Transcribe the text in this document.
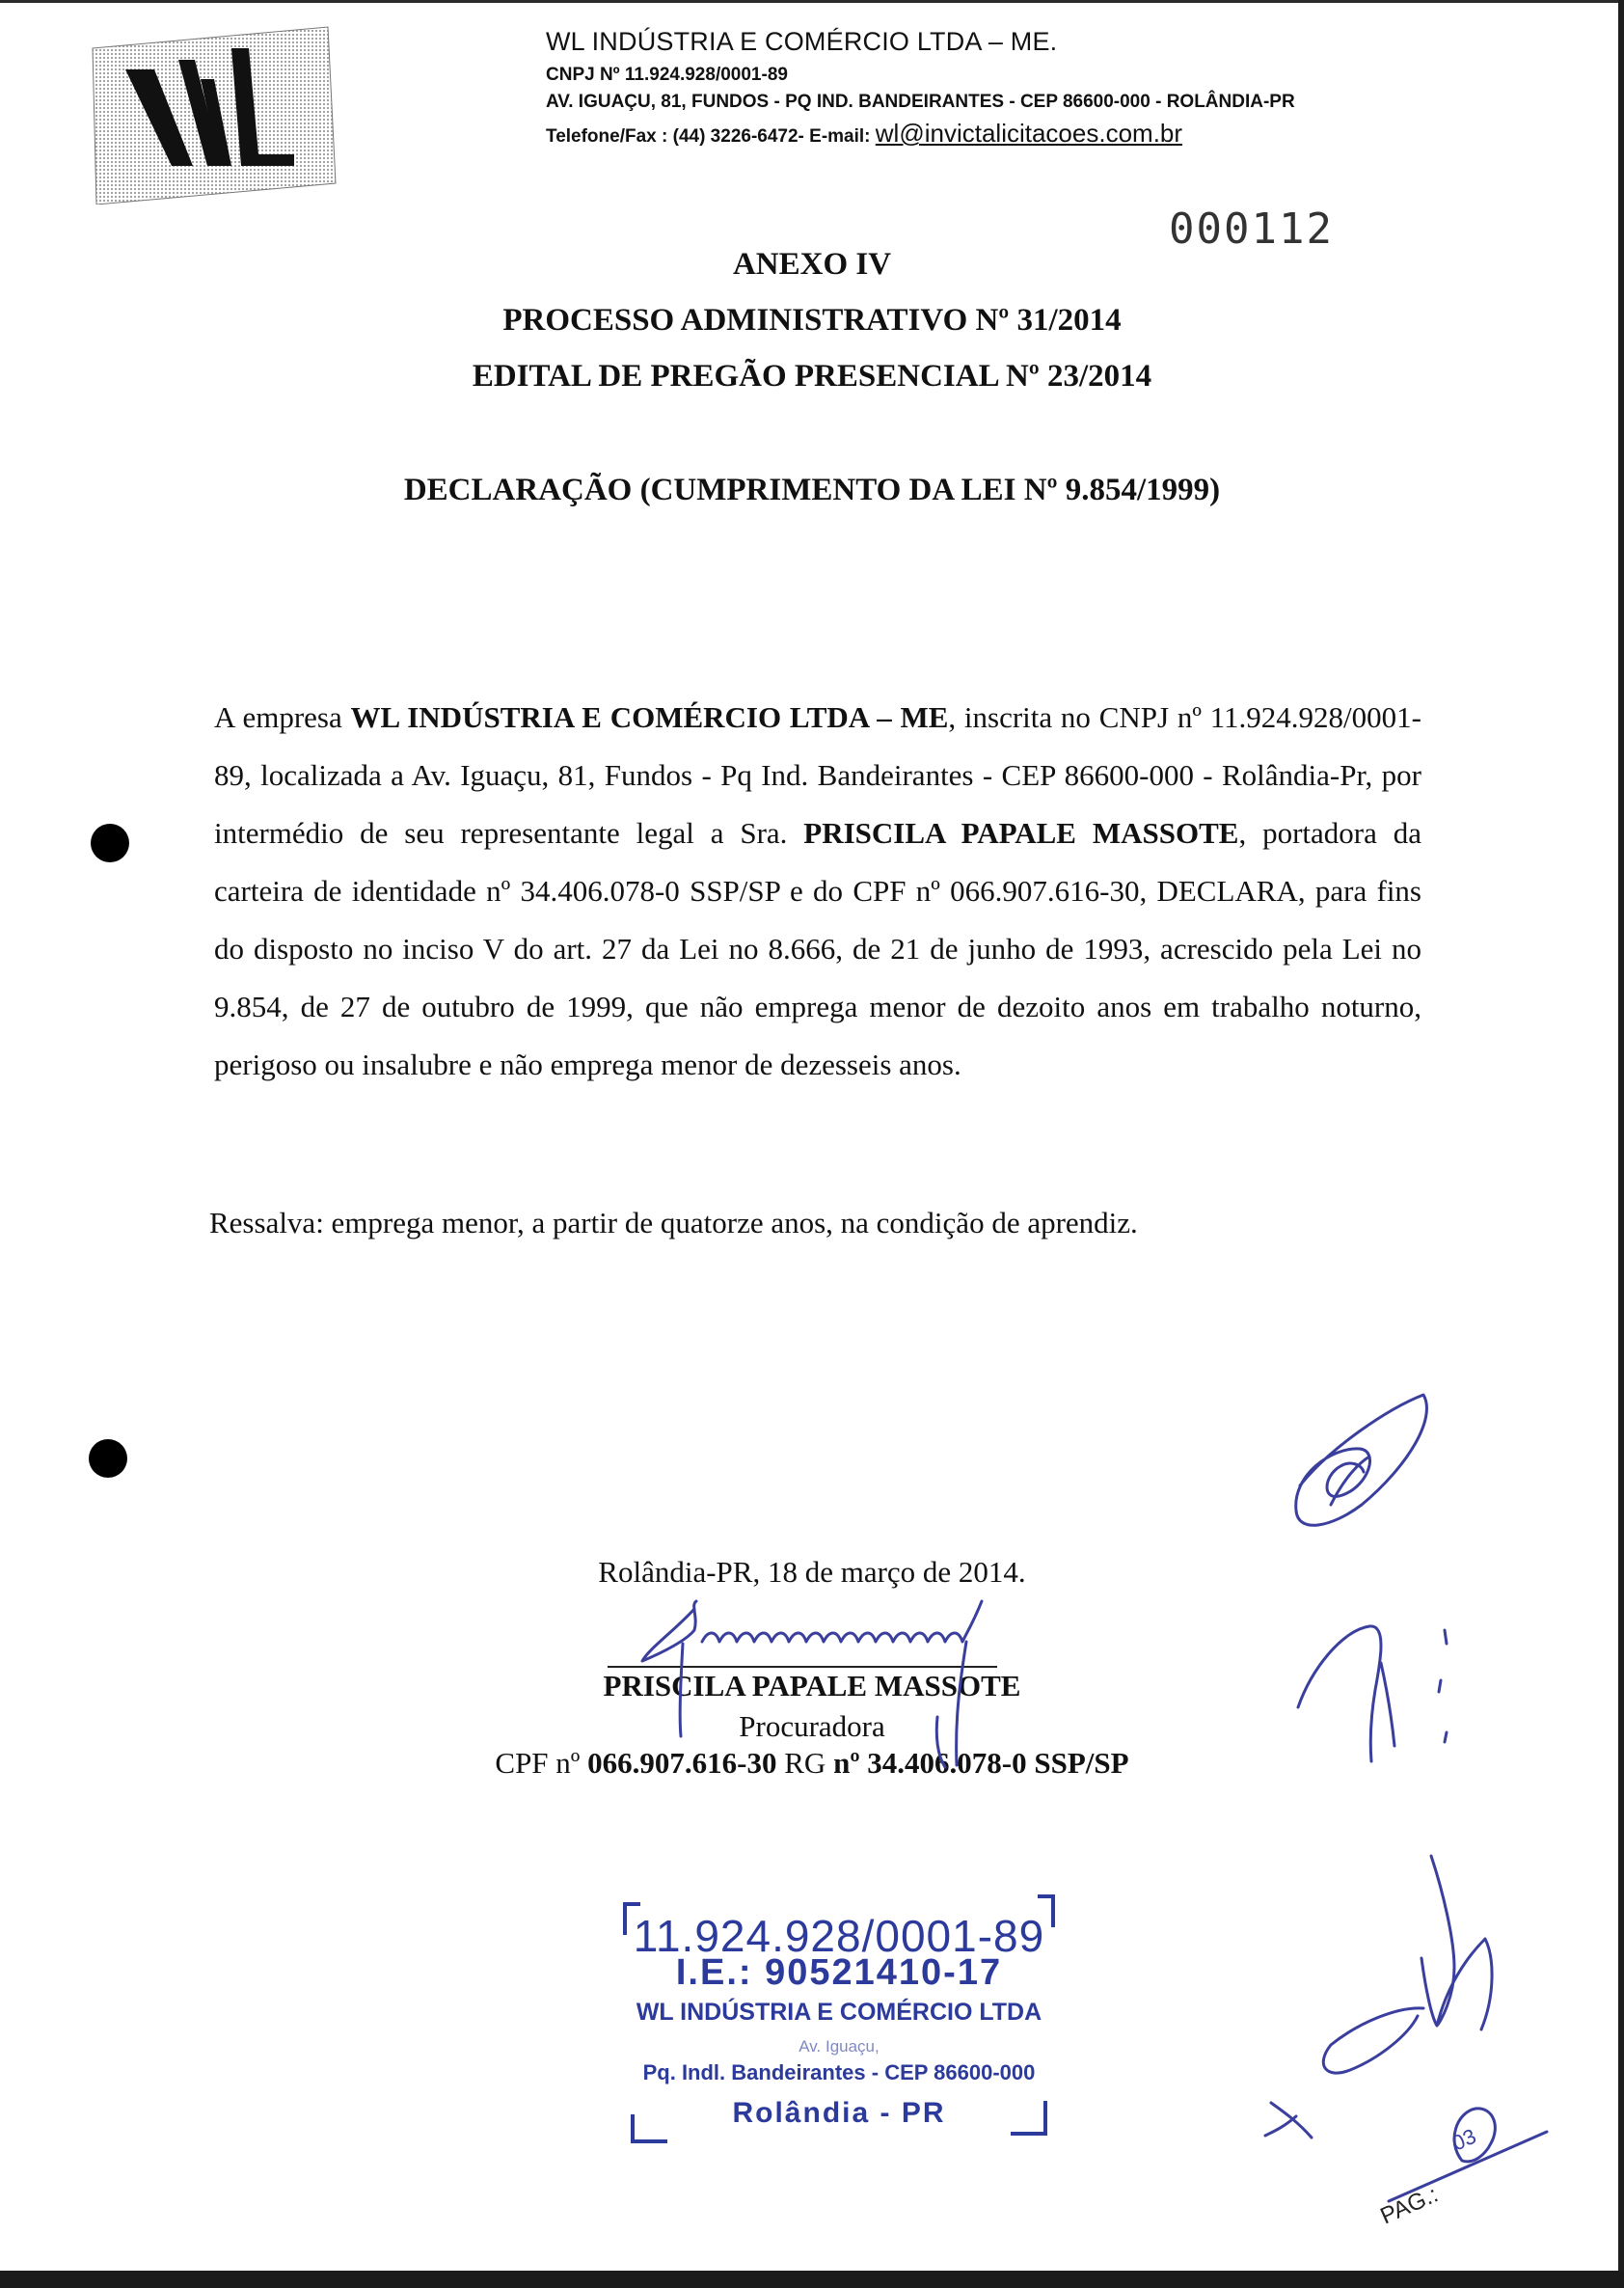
WL INDÚSTRIA E COMÉRCIO LTDA – ME.
CNPJ Nº 11.924.928/0001-89
AV. IGUAÇU, 81, FUNDOS - PQ IND. BANDEIRANTES - CEP 86600-000 - ROLÂNDIA-PR
Telefone/Fax : (44) 3226-6472- E-mail: wl@invictalicitacoes.com.br
000112
ANEXO IV
PROCESSO ADMINISTRATIVO Nº 31/2014
EDITAL DE PREGÃO PRESENCIAL Nº 23/2014
DECLARAÇÃO (CUMPRIMENTO DA LEI Nº 9.854/1999)
A empresa WL INDÚSTRIA E COMÉRCIO LTDA – ME, inscrita no CNPJ nº 11.924.928/0001-89, localizada a Av. Iguaçu, 81, Fundos - Pq Ind. Bandeirantes - CEP 86600-000 - Rolândia-Pr, por intermédio de seu representante legal a Sra. PRISCILA PAPALE MASSOTE, portadora da carteira de identidade nº 34.406.078-0 SSP/SP e do CPF nº 066.907.616-30, DECLARA, para fins do disposto no inciso V do art. 27 da Lei no 8.666, de 21 de junho de 1993, acrescido pela Lei no 9.854, de 27 de outubro de 1999, que não emprega menor de dezoito anos em trabalho noturno, perigoso ou insalubre e não emprega menor de dezesseis anos.
Ressalva: emprega menor, a partir de quatorze anos, na condição de aprendiz.
Rolândia-PR, 18 de março de 2014.
PRISCILA PAPALE MASSOTE
Procuradora
CPF nº 066.907.616-30 RG nº 34.406.078-0 SSP/SP
11.924.928/0001-89
I.E.: 90521410-17
WL INDÚSTRIA E COMÉRCIO LTDA
Av. Iguaçu,
Pq. Indl. Bandeirantes - CEP 86600-000
Rolândia - PR
PAG.:
03
